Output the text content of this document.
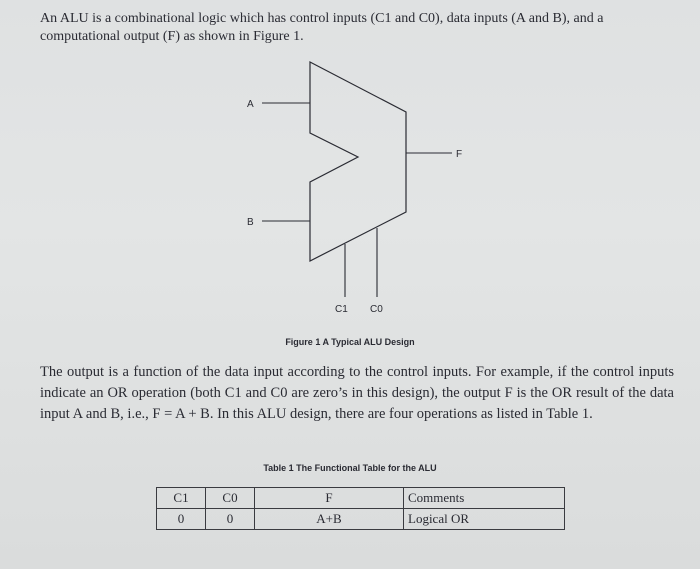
An ALU is a combinational logic which has control inputs (C1 and C0), data inputs (A and B), and a computational output (F) as shown in Figure 1.

A
B
F
C1 C0
Figure 1 A Typical ALU Design

The output is a function of the data input according to the control inputs. For example, if the control inputs indicate an OR operation (both C1 and C0 are zero’s in this design), the output F is the OR result of the data input A and B, i.e., F = A + B. In this ALU design, there are four operations as listed in Table 1.

Table 1 The Functional Table for the ALU
C1	C0	F	Comments
0	0	A+B	Logical OR
